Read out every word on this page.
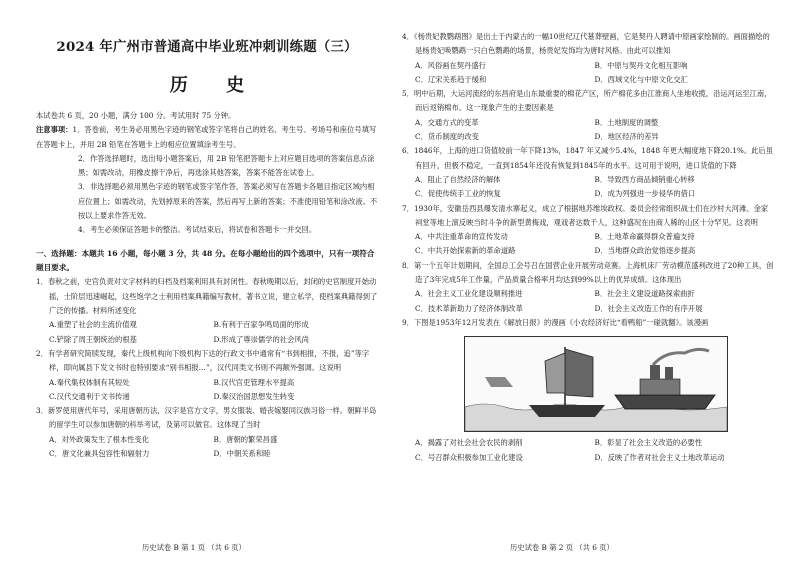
2024 年广州市普通高中毕业班冲刺训练题（三）
历 史

本试卷共 6 页，20 小题，满分 100 分。考试用时 75 分钟。

注意事项：1．答卷前，考生务必用黑色字迹的钢笔或签字笔将自己的姓名、考生号、考场号和座位号填写在答题卡上，并用 2B 铅笔在答题卡上的相应位置填涂考生号。

2．作答选择题时，选出每小题答案后，用 2B 铅笔把答题卡上对应题目选项的答案信息点涂黑；如需改动，用橡皮擦干净后，再选涂其他答案，答案不能答在试卷上。

3．非选择题必须用黑色字迹的钢笔或签字笔作答，答案必须写在答题卡各题目指定区域内相应位置上；如需改动，先划掉原来的答案，然后再写上新的答案；不准使用铅笔和涂改液。不按以上要求作答无效。

4．考生必须保证答题卡的整洁。考试结束后，将试卷和答题卡一并交回。

一、选择题：本题共 16 小题，每小题 3 分，共 48 分。在每小题给出的四个选项中，只有一项符合题目要求。

1．春秋之前，史官负责对文字材料的归档及档案利用具有封闭性。春秋晚期以后，封闭的史官制度开始动摇，士阶层迅速崛起，这些饱学之士利用档案典籍编写教材，著书立说，建立私学，使档案典籍得到了广泛的传播。材料所述变化

A.重塑了社会的主流价值观	B.有利于百家争鸣局面的形成
C.铲除了周王朝统治的根基	D.形成了尊崇儒学的社会风尚

2．有学者研究简牍发现，秦代上级机构向下级机构下达的行政文书中通常有“书到相报，不报，追”等字样，即向属县下发文书时也特别要求“别书相报…”，汉代同类文书则不再额外强调。这说明

A.秦代集权体制有其短处	B.汉代官吏管理水平提高
C.汉代交通利于文书传递	D.秦汉治国思想发生转变

3．新罗使用唐代年号，采用唐朝历法，汉字是官方文字，男女服装、婚丧嫁娶同汉族习俗一样。朝鲜半岛的留学生可以参加唐朝的科举考试，及第可以做官。这体现了当时

A．对外政策发生了根本性变化	B．唐朝的繁荣昌盛
C．唐文化兼具包容性和辐射力	D．中朝关系和睦

4．《杨贵妃教鹦鹉图》是出土于内蒙古的一幅10世纪辽代墓葬壁画，它是契丹人聘请中原画家绘制的。画面描绘的是杨贵妃唤鹦鹉一只白色鹦鹉的场景，杨贵妃发饰均为唐时风格。由此可以推知

A．风俗画在契丹盛行	B．中原与契丹文化相互影响
C．辽宋关系趋于缓和	D．西域文化与中原文化交汇

5．明中后期，大运河流经的东昌府是山东最重要的棉花产区，所产棉花多由江淮商人坐地收揽，沿运河运至江南，而后返销棉布。这一现象产生的主要因素是

A．交通方式的变革	B．土地制度的调整
C．货币制度的改变	D．地区经济的差异

6．1846年，上海的进口货值较前一年下降13%，1847 年又减少5.4%，1848 年更大幅度地下降20.1%。此后虽有回升，但极不稳定，一直到1854年还没有恢复到1845年的水平。这可用于说明，进口货值的下降

A．阻止了自然经济的解体	B．导致西方商品倾销重心转移
C．促使传统手工业的恢复	D．成为列强进一步侵华的借口

7．1930年，安徽岳西县爆发清水寨起义，成立了根据地苏维埃政权。委员会经常组织战士们在沙村大河滩、金家祠堂等地上演反映当时斗争的新型黄梅戏，观戏者达数千人，这种盛况在由商人稀的山区十分罕见。这表明

A．中共注重革命的宣传发动	B．土地革命赢得群众普遍支持
C．中共开始探索新的革命道路	D．当地群众政治觉悟逐步提高

8．第一个五年计划期间，全国总工会号召在国营企业开展劳动竞赛。上海机床厂劳动模范盛利改进了20种工具，创造了3年完成5年工作量，产品质量合格率月均达到99%以上的优异成绩。这体现出

A．社会主义工业化建设顺利推进	B．社会主义建设道路探索曲折
C．技术革新助力了经济体制改革	D．社会主义改造工作的有序开展

9．下图是1953年12月发表在《解放日报》的漫画《小农经济好比“看鸭船”一碰就翻》。该漫画

A．揭露了对社会社会农民的剥削	B．彰显了社会主义改造的必要性
C．号召群众积极参加工业化建设	D．反映了作者对社会主义土地改革运动
历史试卷 B 第 1 页 （共 6 页）	历史试卷 B 第 2 页 （共 6 页）
